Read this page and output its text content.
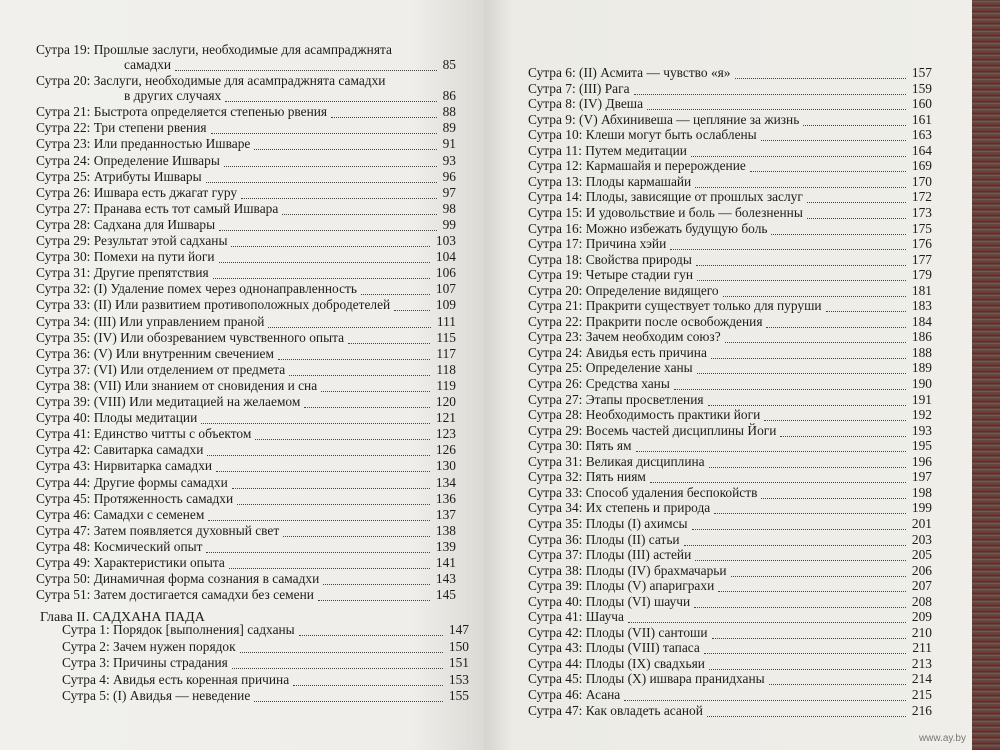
Сутра 19: Прошлые заслуги, необходимые для асампраджнята
самадхи	85
Сутра 20: Заслуги, необходимые для асампраджнята самадхи
в других случаях	86
Сутра 21: Быстрота определяется степенью рвения	88
Сутра 22: Три степени рвения	89
Сутра 23: Или преданностью Ишваре	91
Сутра 24: Определение Ишвары	93
Сутра 25: Атрибуты Ишвары	96
Сутра 26: Ишвара есть джагат гуру	97
Сутра 27: Пранава есть тот самый Ишвара	98
Сутра 28: Садхана для Ишвары	99
Сутра 29: Результат этой садханы	103
Сутра 30: Помехи на пути йоги	104
Сутра 31: Другие препятствия	106
Сутра 32: (I) Удаление помех через однонаправленность	107
Сутра 33: (II) Или развитием противоположных добродетелей	109
Сутра 34: (III) Или управлением праной	111
Сутра 35: (IV) Или обозреванием чувственного опыта	115
Сутра 36: (V) Или внутренним свечением	117
Сутра 37: (VI) Или отделением от предмета	118
Сутра 38: (VII) Или знанием от сновидения и сна	119
Сутра 39: (VIII) Или медитацией на желаемом	120
Сутра 40: Плоды медитации	121
Сутра 41: Единство читты с объектом	123
Сутра 42: Савитарка самадхи	126
Сутра 43: Нирвитарка самадхи	130
Сутра 44: Другие формы самадхи	134
Сутра 45: Протяженность самадхи	136
Сутра 46: Самадхи с семенем	137
Сутра 47: Затем появляется духовный свет	138
Сутра 48: Космический опыт	139
Сутра 49: Характеристики опыта	141
Сутра 50: Динамичная форма сознания в самадхи	143
Сутра 51: Затем достигается самадхи без семени	145
Глава II. САДХАНА ПАДА
Сутра 1: Порядок [выполнения] садханы	147
Сутра 2: Зачем нужен порядок	150
Сутра 3: Причины страдания	151
Сутра 4: Авидья есть коренная причина	153
Сутра 5: (I) Авидья — неведение	155
Сутра 6: (II) Асмита — чувство «я»	157
Сутра 7: (III) Рага	159
Сутра 8: (IV) Двеша	160
Сутра 9: (V) Абхинивеша — цепляние за жизнь	161
Сутра 10: Клеши могут быть ослаблены	163
Сутра 11: Путем медитации	164
Сутра 12: Кармашайя и перерождение	169
Сутра 13: Плоды кармашайи	170
Сутра 14: Плоды, зависящие от прошлых заслуг	172
Сутра 15: И удовольствие и боль — болезненны	173
Сутра 16: Можно избежать будущую боль	175
Сутра 17: Причина хэйи	176
Сутра 18: Свойства природы	177
Сутра 19: Четыре стадии гун	179
Сутра 20: Определение видящего	181
Сутра 21: Пракрити существует только для пуруши	183
Сутра 22: Пракрити после освобождения	184
Сутра 23: Зачем необходим союз?	186
Сутра 24: Авидья есть причина	188
Сутра 25: Определение ханы	189
Сутра 26: Средства ханы	190
Сутра 27: Этапы просветления	191
Сутра 28: Необходимость практики йоги	192
Сутра 29: Восемь частей дисциплины Йоги	193
Сутра 30: Пять ям	195
Сутра 31: Великая дисциплина	196
Сутра 32: Пять ниям	197
Сутра 33: Способ удаления беспокойств	198
Сутра 34: Их степень и природа	199
Сутра 35: Плоды (I) ахимсы	201
Сутра 36: Плоды (II) сатьи	203
Сутра 37: Плоды (III) астейи	205
Сутра 38: Плоды (IV) брахмачарьи	206
Сутра 39: Плоды (V) апариграхи	207
Сутра 40: Плоды (VI) шаучи	208
Сутра 41: Шауча	209
Сутра 42: Плоды (VII) сантоши	210
Сутра 43: Плоды (VIII) тапаса	211
Сутра 44: Плоды (IX) свадхьяи	213
Сутра 45: Плоды (X) ишвара пранидханы	214
Сутра 46: Асана	215
Сутра 47: Как овладеть асаной	216
www.ay.by
